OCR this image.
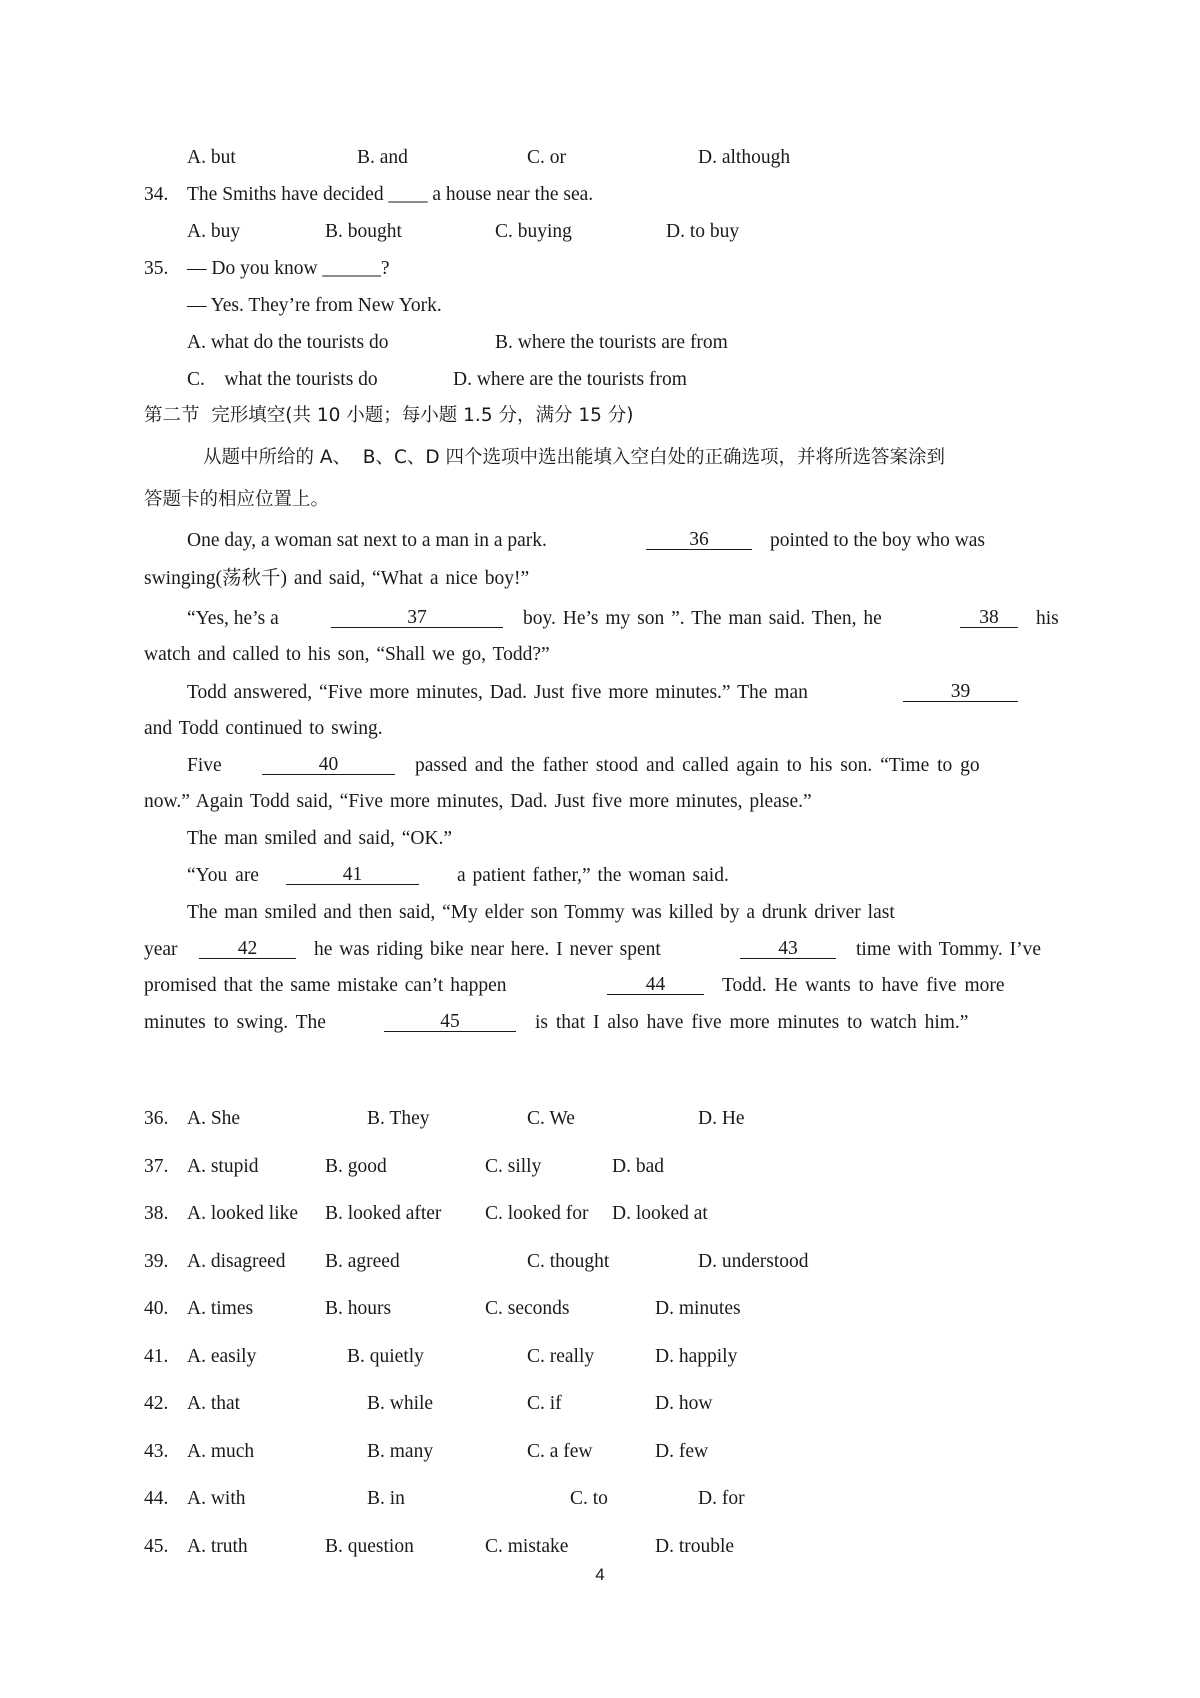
A. but	B. and	C. or	D. although
34. The Smiths have decided ____ a house near the sea.
A. buy	B. bought	C. buying	D. to buy
35. — Do you know ______?
— Yes. They’re from New York.
A. what do the tourists do	B. where the tourists are from
C.    what the tourists do	D. where are the tourists from
第二节  完形填空(共 10 小题；每小题 1.5 分，满分 15 分)
从题中所给的 A、  B、C、D 四个选项中选出能填入空白处的正确选项，并将所选答案涂到
答题卡的相应位置上。
One day, a woman sat next to a man in a park.	36	pointed to the boy who was
swinging(荡秋千) and said, “What a nice boy!”
“Yes, he’s a	37	boy. He’s my son ”. The man said. Then, he	38	his
watch and called to his son, “Shall we go, Todd?”
Todd answered, “Five more minutes, Dad. Just five more minutes.” The man	39
and Todd continued to swing.
Five	40	passed and the father stood and called again to his son. “Time to go
now.” Again Todd said, “Five more minutes, Dad. Just five more minutes, please.”
The man smiled and said, “OK.”
“You are	41	a patient father,” the woman said.
The man smiled and then said, “My elder son Tommy was killed by a drunk driver last
year	42	he was riding bike near here. I never spent	43	time with Tommy. I’ve
promised that the same mistake can’t happen	44	Todd. He wants to have five more
minutes to swing. The	45	is that I also have five more minutes to watch him.”
36. A. She	B. They	C. We	D. He
37. A. stupid	B. good	C. silly	D. bad
38. A. looked like B. looked after C. looked for D. looked at
39. A. disagreed B. agreed	C. thought	D. understood
40. A. times	B. hours	C. seconds	D. minutes
41. A. easily	B. quietly	C. really	D. happily
42. A. that	B. while	C. if	D. how
43. A. much	B. many	C. a few	D. few
44. A. with	B. in	C. to	D. for
45. A. truth	B. question	C. mistake	D. trouble
4
